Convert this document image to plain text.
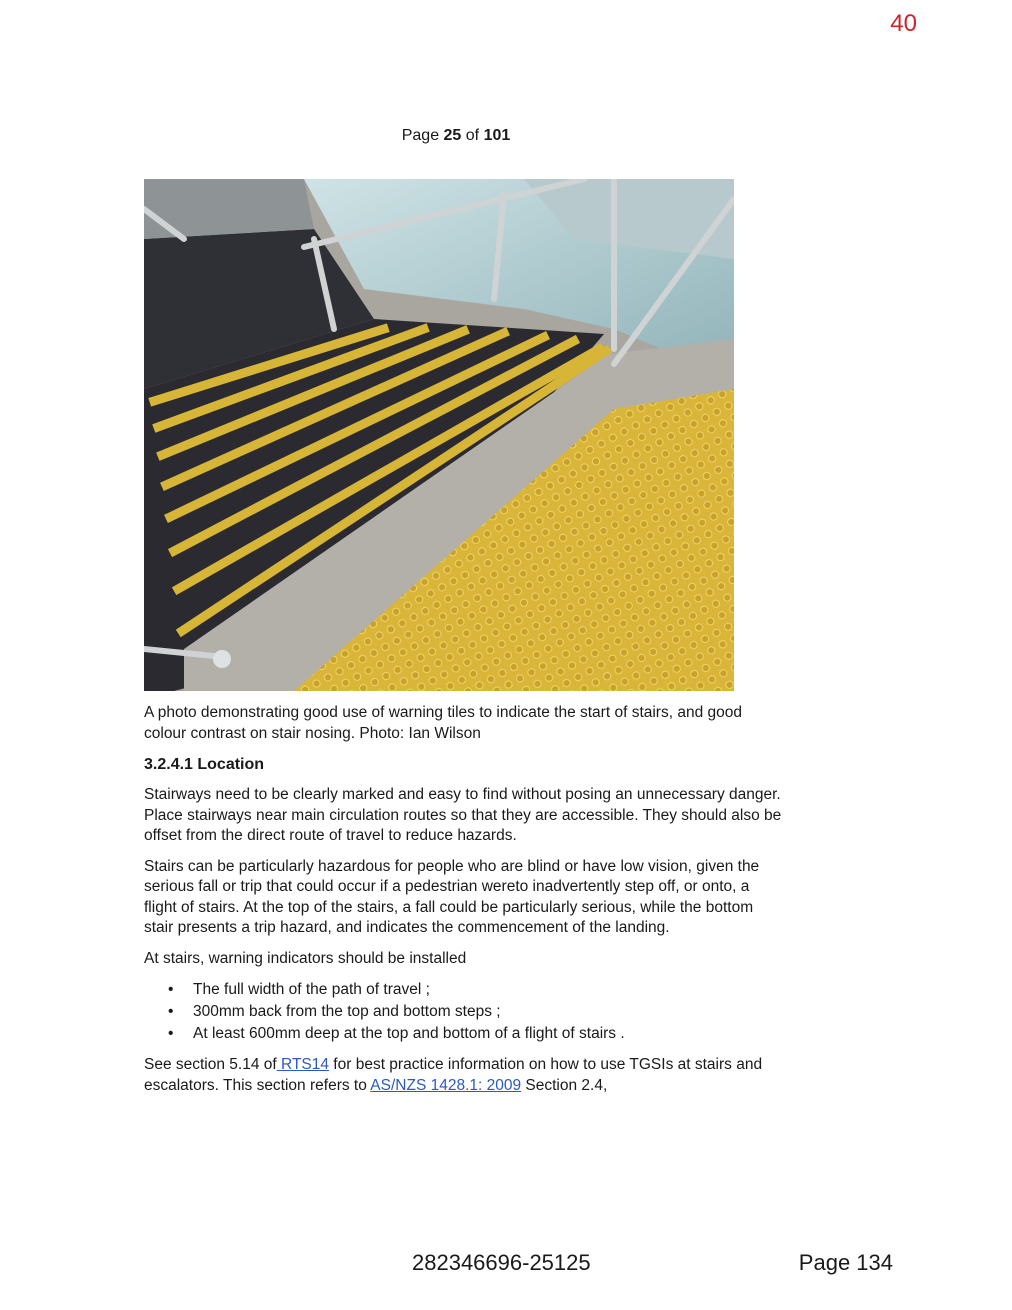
40
Page 25 of 101

A photo demonstrating good use of warning tiles to indicate the start of stairs, and good colour contrast on stair nosing. Photo: Ian Wilson

3.2.4.1 Location

Stairways need to be clearly marked and easy to find without posing an unnecessary danger. Place stairways near main circulation routes so that they are accessible. They should also be offset from the direct route of travel to reduce hazards.

Stairs can be particularly hazardous for people who are blind or have low vision, given the serious fall or trip that could occur if a pedestrian wereto inadvertently step off, or onto, a flight of stairs. At the top of the stairs, a fall could be particularly serious, while the bottom stair presents a trip hazard, and indicates the commencement of the landing.

At stairs, warning indicators should be installed

• The full width of the path of travel ;
• 300mm back from the top and bottom steps ;
• At least 600mm deep at the top and bottom of a flight of stairs .

See section 5.14 of RTS14 for best practice information on how to use TGSIs at stairs and escalators. This section refers to AS/NZS 1428.1: 2009 Section 2.4,

282346696-25125	Page 134
